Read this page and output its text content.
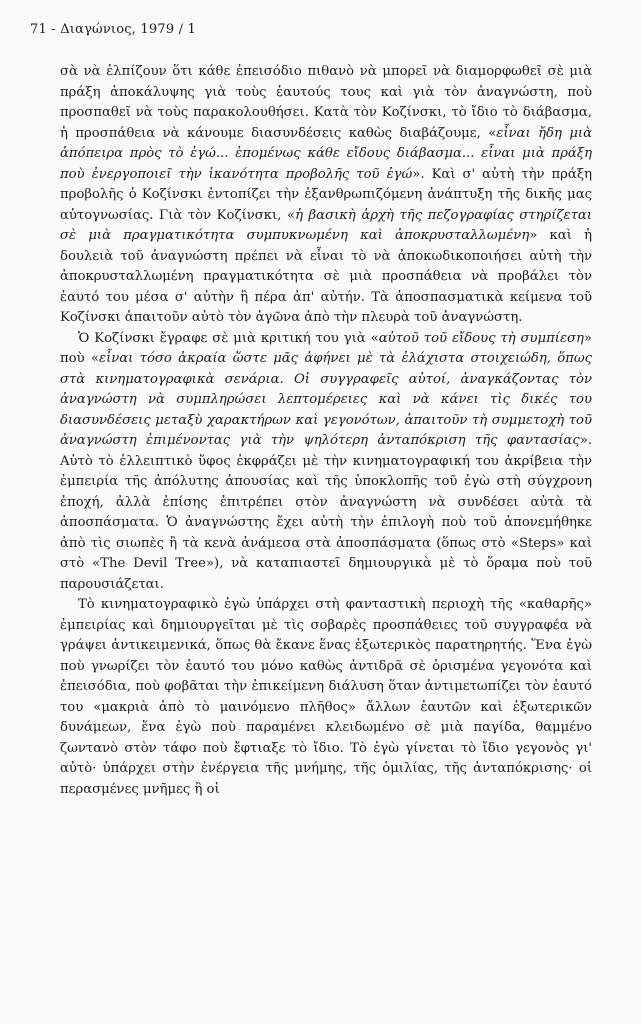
71 - Διαγώνιος, 1979 / 1

σὰ νὰ ἐλπίζουν ὅτι κάθε ἐπεισόδιο πιθανὸ νὰ μπορεῖ νὰ διαμορφωθεῖ σὲ μιὰ πράξη ἀποκάλυψης γιὰ τοὺς ἑαυτούς τους καὶ γιὰ τὸν ἀναγνώστη, ποὺ προσπαθεῖ νὰ τοὺς παρακολουθήσει. Κατὰ τὸν Κοζίνσκι, τὸ ἴδιο τὸ διάβασμα, ἡ προσπάθεια νὰ κάνουμε διασυνδέσεις καθὼς διαβάζουμε, «εἶναι ἤδη μιὰ ἀπόπειρα πρὸς τὸ ἐγώ... ἑπομένως κάθε εἴδους διάβασμα... εἶναι μιὰ πράξη ποὺ ἐνεργοποιεῖ τὴν ἱκανότητα προβολῆς τοῦ ἐγώ». Καὶ σ' αὐτὴ τὴν πράξη προβολῆς ὁ Κοζίνσκι ἐντοπίζει τὴν ἐξανθρωπιζόμενη ἀνάπτυξη τῆς δικῆς μας αὐτογνωσίας. Γιὰ τὸν Κοζίνσκι, «ἡ βασικὴ ἀρχὴ τῆς πεζογραφίας στηρίζεται σὲ μιὰ πραγματικότητα συμπυκνωμένη καὶ ἀποκρυσταλλωμένη» καὶ ἡ δουλειὰ τοῦ ἀναγνώστη πρέπει νὰ εἶναι τὸ νὰ ἀποκωδικοποιήσει αὐτὴ τὴν ἀποκρυσταλλωμένη πραγματικότητα σὲ μιὰ προσπάθεια νὰ προβάλει τὸν ἑαυτό του μέσα σ' αὐτὴν ἢ πέρα ἀπ' αὐτήν. Τὰ ἀποσπασματικὰ κείμενα τοῦ Κοζίνσκι ἀπαιτοῦν αὐτὸ τὸν ἀγῶνα ἀπὸ τὴν πλευρὰ τοῦ ἀναγνώστη.

Ὁ Κοζίνσκι ἔγραφε σὲ μιὰ κριτική του γιὰ «αὐτοῦ τοῦ εἴδους τὴ συμπίεση» ποὺ «εἶναι τόσο ἀκραία ὥστε μᾶς ἀφήνει μὲ τὰ ἐλάχιστα στοιχειώδη, ὅπως στὰ κινηματογραφικὰ σενάρια. Οἱ συγγραφεῖς αὐτοί, ἀναγκάζοντας τὸν ἀναγνώστη νὰ συμπληρώσει λεπτομέρειες καὶ νὰ κάνει τὶς δικές του διασυνδέσεις μεταξὺ χαρακτήρων καὶ γεγονότων, ἀπαιτοῦν τὴ συμμετοχὴ τοῦ ἀναγνώστη ἐπιμένοντας γιὰ τὴν ψηλότερη ἀνταπόκριση τῆς φαντασίας». Αὐτὸ τὸ ἐλλειπτικὸ ὕφος ἐκφράζει μὲ τὴν κινηματογραφική του ἀκρίβεια τὴν ἐμπειρία τῆς ἀπόλυτης ἀπουσίας καὶ τῆς ὑποκλοπῆς τοῦ ἐγὼ στὴ σύγχρονη ἐποχή, ἀλλὰ ἐπίσης ἐπιτρέπει στὸν ἀναγνώστη νὰ συνδέσει αὐτὰ τὰ ἀποσπάσματα. Ὁ ἀναγνώστης ἔχει αὐτὴ τὴν ἐπιλογὴ ποὺ τοῦ ἀπονεμήθηκε ἀπὸ τὶς σιωπὲς ἢ τὰ κενὰ ἀνάμεσα στὰ ἀποσπάσματα (ὅπως στὸ «Steps» καὶ στὸ «The Devil Tree»), νὰ καταπιαστεῖ δημιουργικὰ μὲ τὸ ὅραμα ποὺ τοῦ παρουσιάζεται.

Τὸ κινηματογραφικὸ ἐγὼ ὑπάρχει στὴ φανταστικὴ περιοχὴ τῆς «καθαρῆς» ἐμπειρίας καὶ δημιουργεῖται μὲ τὶς σοβαρὲς προσπάθειες τοῦ συγγραφέα νὰ γράψει ἀντικειμενικά, ὅπως θὰ ἔκανε ἕνας ἐξωτερικὸς παρατηρητής. Ἕνα ἐγὼ ποὺ γνωρίζει τὸν ἑαυτό του μόνο καθὼς ἀντιδρᾶ σὲ ὁρισμένα γεγονότα καὶ ἐπεισόδια, ποὺ φοβᾶται τὴν ἐπικείμενη διάλυση ὅταν ἀντιμετωπίζει τὸν ἑαυτό του «μακριὰ ἀπὸ τὸ μαινόμενο πλῆθος» ἄλλων ἑαυτῶν καὶ ἐξωτερικῶν δυνάμεων, ἕνα ἐγὼ ποὺ παραμένει κλειδωμένο σὲ μιὰ παγίδα, θαμμένο ζωντανὸ στὸν τάφο ποὺ ἔφτιαξε τὸ ἴδιο. Τὸ ἐγὼ γίνεται τὸ ἴδιο γεγονὸς γι' αὐτὸ· ὑπάρχει στὴν ἐνέργεια τῆς μνήμης, τῆς ὁμιλίας, τῆς ἀνταπόκρισης· οἱ περασμένες μνῆμες ἢ οἱ
